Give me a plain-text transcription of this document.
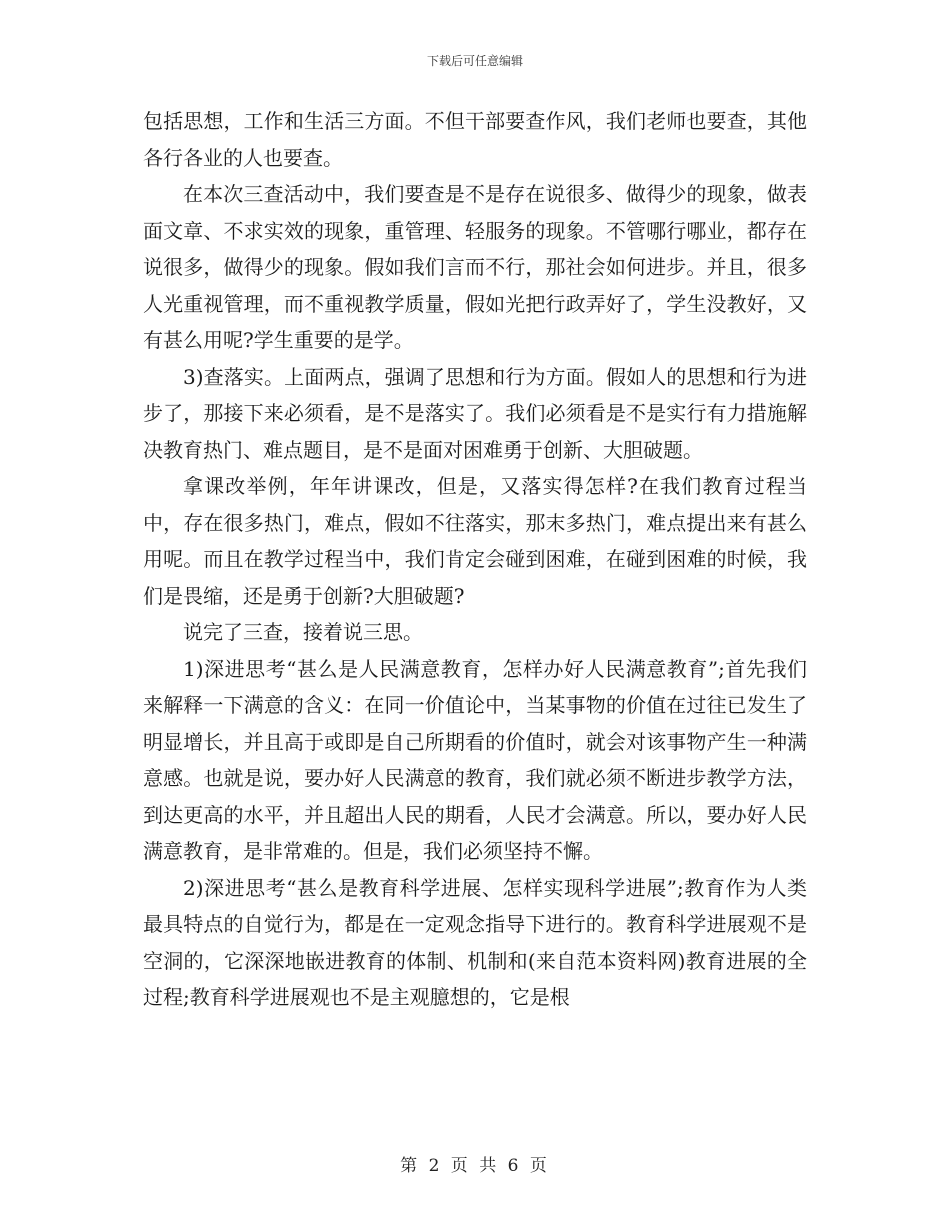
下载后可任意编辑

包括思想，工作和生活三方面。不但干部要查作风，我们老师也要查，其他各行各业的人也要查。

在本次三查活动中，我们要查是不是存在说很多、做得少的现象，做表面文章、不求实效的现象，重管理、轻服务的现象。不管哪行哪业，都存在说很多，做得少的现象。假如我们言而不行，那社会如何进步。并且，很多人光重视管理，而不重视教学质量，假如光把行政弄好了，学生没教好，又有甚么用呢?学生重要的是学。

3)查落实。上面两点，强调了思想和行为方面。假如人的思想和行为进步了，那接下来必须看，是不是落实了。我们必须看是不是实行有力措施解决教育热门、难点题目，是不是面对困难勇于创新、大胆破题。

拿课改举例，年年讲课改，但是，又落实得怎样?在我们教育过程当中，存在很多热门，难点，假如不往落实，那末多热门，难点提出来有甚么用呢。而且在教学过程当中，我们肯定会碰到困难，在碰到困难的时候，我们是畏缩，还是勇于创新?大胆破题?

说完了三查，接着说三思。

1)深进思考“甚么是人民满意教育，怎样办好人民满意教育”;首先我们来解释一下满意的含义：在同一价值论中，当某事物的价值在过往已发生了明显增长，并且高于或即是自己所期看的价值时，就会对该事物产生一种满意感。也就是说，要办好人民满意的教育，我们就必须不断进步教学方法，到达更高的水平，并且超出人民的期看，人民才会满意。所以，要办好人民满意教育，是非常难的。但是，我们必须坚持不懈。

2)深进思考“甚么是教育科学进展、怎样实现科学进展”;教育作为人类最具特点的自觉行为，都是在一定观念指导下进行的。教育科学进展观不是空洞的，它深深地嵌进教育的体制、机制和(来自范本资料网)教育进展的全过程;教育科学进展观也不是主观臆想的，它是根

第 2 页 共 6 页
